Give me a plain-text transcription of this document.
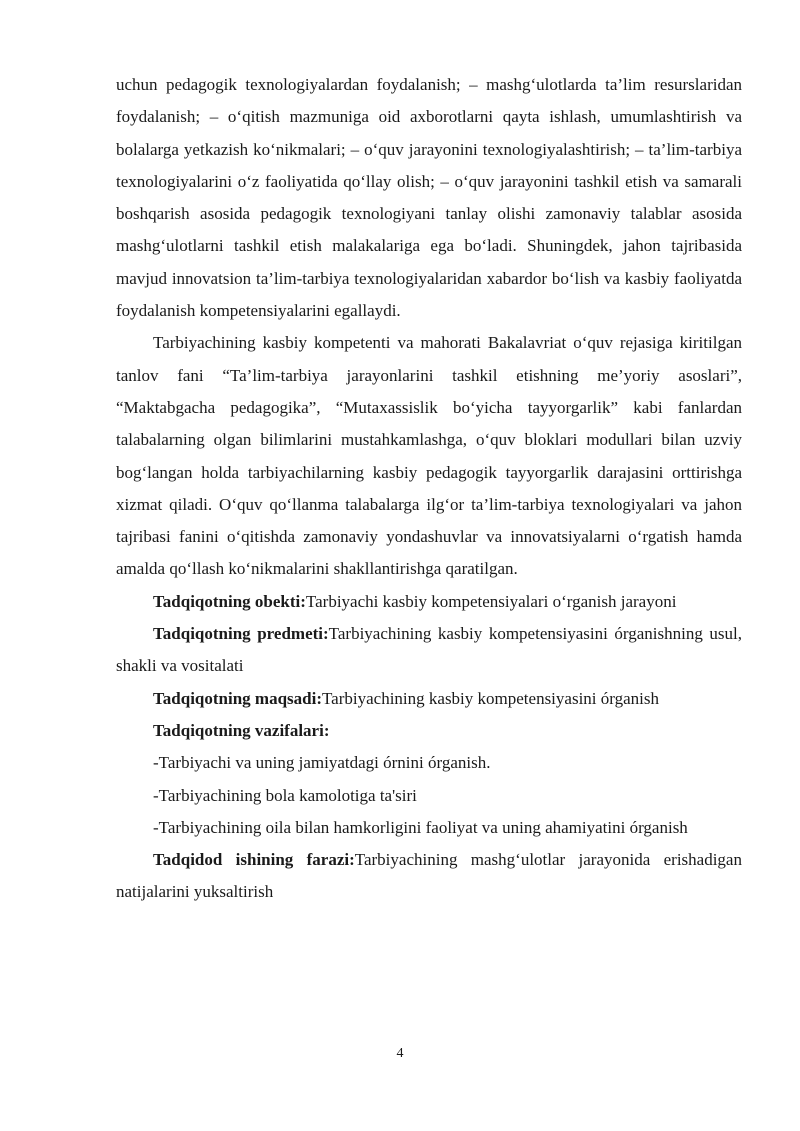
uchun pedagogik texnologiyalardan foydalanish; – mashg‘ulotlarda ta’lim resurslaridan foydalanish; – o‘qitish mazmuniga oid axborotlarni qayta ishlash, umumlashtirish va bolalarga yetkazish ko‘nikmalari; – o‘quv jarayonini texnologiyalashtirish; – ta’lim-tarbiya texnologiyalarini o‘z faoliyatida qo‘llay olish; – o‘quv jarayonini tashkil etish va samarali boshqarish asosida pedagogik texnologiyani tanlay olishi zamonaviy talablar asosida mashg‘ulotlarni tashkil etish malakalariga ega bo‘ladi. Shuningdek, jahon tajribasida mavjud innovatsion ta’lim-tarbiya texnologiyalaridan xabardor bo‘lish va kasbiy faoliyatda foydalanish kompetensiyalarini egallaydi.

Tarbiyachining kasbiy kompetenti va mahorati Bakalavriat o‘quv rejasiga kiritilgan tanlov fani “Ta’lim-tarbiya jarayonlarini tashkil etishning me’yoriy asoslari”, “Maktabgacha pedagogika”, “Mutaxassislik bo‘yicha tayyorgarlik” kabi fanlardan talabalarning olgan bilimlarini mustahkamlashga, o‘quv bloklari modullari bilan uzviy bog‘langan holda tarbiyachilarning kasbiy pedagogik tayyorgarlik darajasini orttirishga xizmat qiladi. O‘quv qo‘llanma talabalarga ilg‘or ta’lim-tarbiya texnologiyalari va jahon tajribasi fanini o‘qitishda zamonaviy yondashuvlar va innovatsiyalarni o‘rgatish hamda amalda qo‘llash ko‘nikmalarini shakllantirishga qaratilgan.

Tadqiqotning obekti:Tarbiyachi kasbiy kompetensiyalari o‘rganish jarayoni

Tadqiqotning predmeti:Tarbiyachining kasbiy kompetensiyasini órganishning usul, shakli va vositalati

Tadqiqotning maqsadi:Tarbiyachining kasbiy kompetensiyasini órganish

Tadqiqotning vazifalari:

-Tarbiyachi va uning jamiyatdagi órnini órganish.

-Tarbiyachining bola kamolotiga ta'siri

-Tarbiyachining oila bilan hamkorligini faoliyat va uning ahamiyatini órganish

Tadqidod ishining farazi:Tarbiyachining mashg‘ulotlar jarayonida erishadigan natijalarini yuksaltirish

4
